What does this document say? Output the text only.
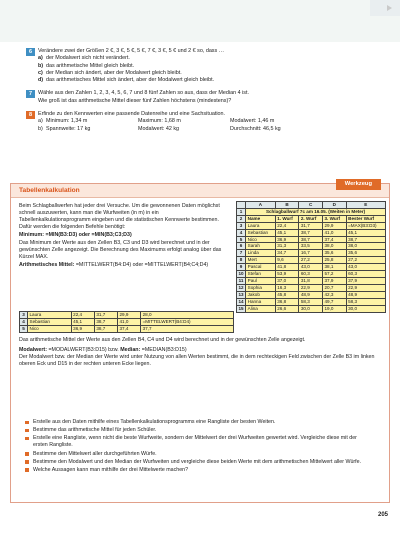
6	Verändere zwei der Größen 2 €, 3 €, 5 €, 5 €, 7 €, 3 €, 5 € und 2 € so, dass …
a) der Modalwert sich nicht verändert.
b) das arithmetische Mittel gleich bleibt.
c) der Median sich ändert, aber der Modalwert gleich bleibt.
d) das arithmetisches Mittel sich ändert, aber der Modalwert gleich bleibt.
7	Wähle aus den Zahlen 1, 2, 3, 4, 5, 6, 7 und 8 fünf Zahlen so aus, dass der Median 4 ist.
Wie groß ist das arithmetische Mittel dieser fünf Zahlen höchstens (mindestens)?
8	Erfinde zu den Kennwerten eine passende Datenreihe und eine Sachsituation.
a) Minimum: 1,34 m	Maximum: 1,68 m	Modalwert: 1,46 m
b) Spannweite: 17 kg	Modalwert: 42 kg	Durchschnitt: 46,5 kg
Tabellenkalkulation
Werkzeug

Beim Schlagballwerfen hat jeder drei Versuche. Um die gewonnenen Daten möglichst schnell auszuwerten, kann man die Wurfweiten (in m) in ein Tabellenkalkulationsprogramm eingeben und die statistischen Kennwerte bestimmen. Dafür werden die folgenden Befehle benötigt:

Minimum: =MIN(B3:D3) oder =MIN(B3;C3;D3)

Das Minimum der Werte aus den Zellen B3, C3 und D3 wird berechnet und in der gewünschten Zelle angezeigt. Die Berechnung des Maximums erfolgt analog über das Kürzel MAX.

Arithmetisches Mittel: =MITTELWERT(B4:D4) oder =MITTELWERT(B4;C4;D4)

	A	B	C	D	E
1	Schlagballwurf 7c am 16.05. (Weiten in Meter)				
2	Name	1. Wurf	2. Wurf	3. Wurf	Bester Wurf
3	Laura	22,4	31,7	29,9	=MAX(B3:D3)
4	Sebastian	45,1	38,7	41,0	45,1
5	Nico	36,9	38,7	37,4	38,7
6	Sarah	31,3	33,5	38,0	38,0
7	Linda	34,7	16,7	35,6	35,6
8	Mert	9,6	27,2	25,8	27,2
9	Pascal	41,8	43,0	38,1	43,0
10	Stefan	53,9	60,3	57,2	60,3
11	Paul	37,0	31,8	37,9	37,9
12	Sophia	16,3	22,9	20,7	22,9
13	Jakob	45,8	48,9	42,3	48,9
14	Hanna	36,8	58,3	49,7	58,3
15	Alina	26,6	30,0	19,0	30,0
3	Laura	22,4	31,7	29,9	28,0
4	Sebastian	45,1	38,7	41,0	=MITTELWERT(B4:D4)
5	Nico	36,9	38,7	37,4	37,7

Das arithmetische Mittel der Werte aus den Zellen B4, C4 und D4 wird berechnet und in der gewünschten Zelle angezeigt.

Modalwert: =MODALWERT(B3:D15) bzw. Median: =MEDIAN(B3:D15)

Der Modalwert bzw. der Median der Werte wird unter Nutzung von allen Werten bestimmt, die in dem rechteckigen Feld zwischen der Zelle B3 im linken oberen Eck und D15 in der rechten unteren Ecke liegen.

Erstelle aus den Daten mithilfe eines Tabellenkalkulationsprogramms eine Rangliste der besten Weiten.
Bestimme das arithmetische Mittel für jeden Schüler.
Erstelle eine Rangliste, wenn nicht die beste Wurfweite, sondern der Mittelwert der drei Wurfweiten gewertet wird. Vergleiche diese mit der ersten Rangliste.
Bestimme den Mittelwert aller durchgeführten Würfe.
Bestimme den Modalwert und den Median der Wurfweiten und vergleiche diese beiden Werte mit dem arithmetischen Mittelwert aller Würfe.
Welche Aussagen kann man mithilfe der drei Mittelwerte machen?
205
